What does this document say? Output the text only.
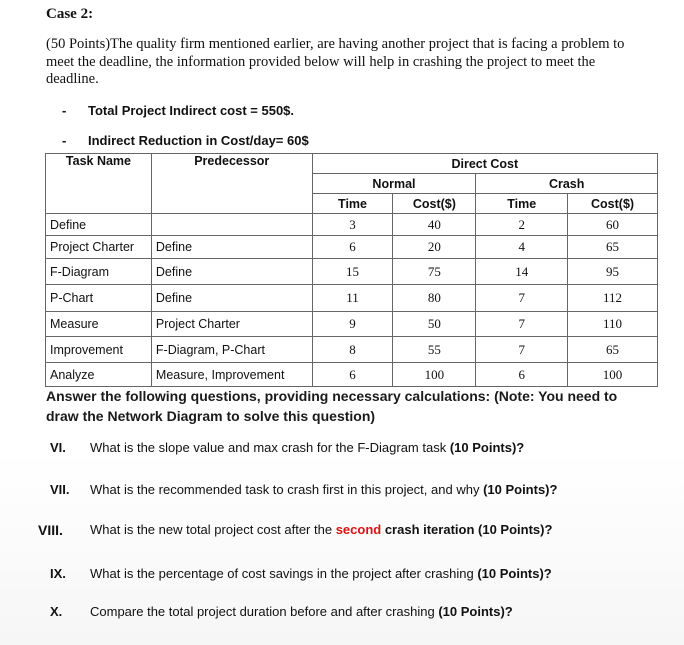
Case 2:
(50 Points)The quality firm mentioned earlier, are having another project that is facing a problem to meet the deadline, the information provided below will help in crashing the project to meet the deadline.
- Total Project Indirect cost = 550$.
- Indirect Reduction in Cost/day= 60$
Task Name	Predecessor	Direct Cost			
		Normal		Crash	
		Time	Cost($)	Time	Cost($)
Define		3	40	2	60
Project Charter	Define	6	20	4	65
F-Diagram	Define	15	75	14	95
P-Chart	Define	11	80	7	112
Measure	Project Charter	9	50	7	110
Improvement	F-Diagram, P-Chart	8	55	7	65
Analyze	Measure, Improvement	6	100	6	100
Answer the following questions, providing necessary calculations: (Note: You need to draw the Network Diagram to solve this question)
VI. What is the slope value and max crash for the F-Diagram task (10 Points)?
VII. What is the recommended task to crash first in this project, and why (10 Points)?
VIII. What is the new total project cost after the second crash iteration (10 Points)?
IX. What is the percentage of cost savings in the project after crashing (10 Points)?
X. Compare the total project duration before and after crashing (10 Points)?
